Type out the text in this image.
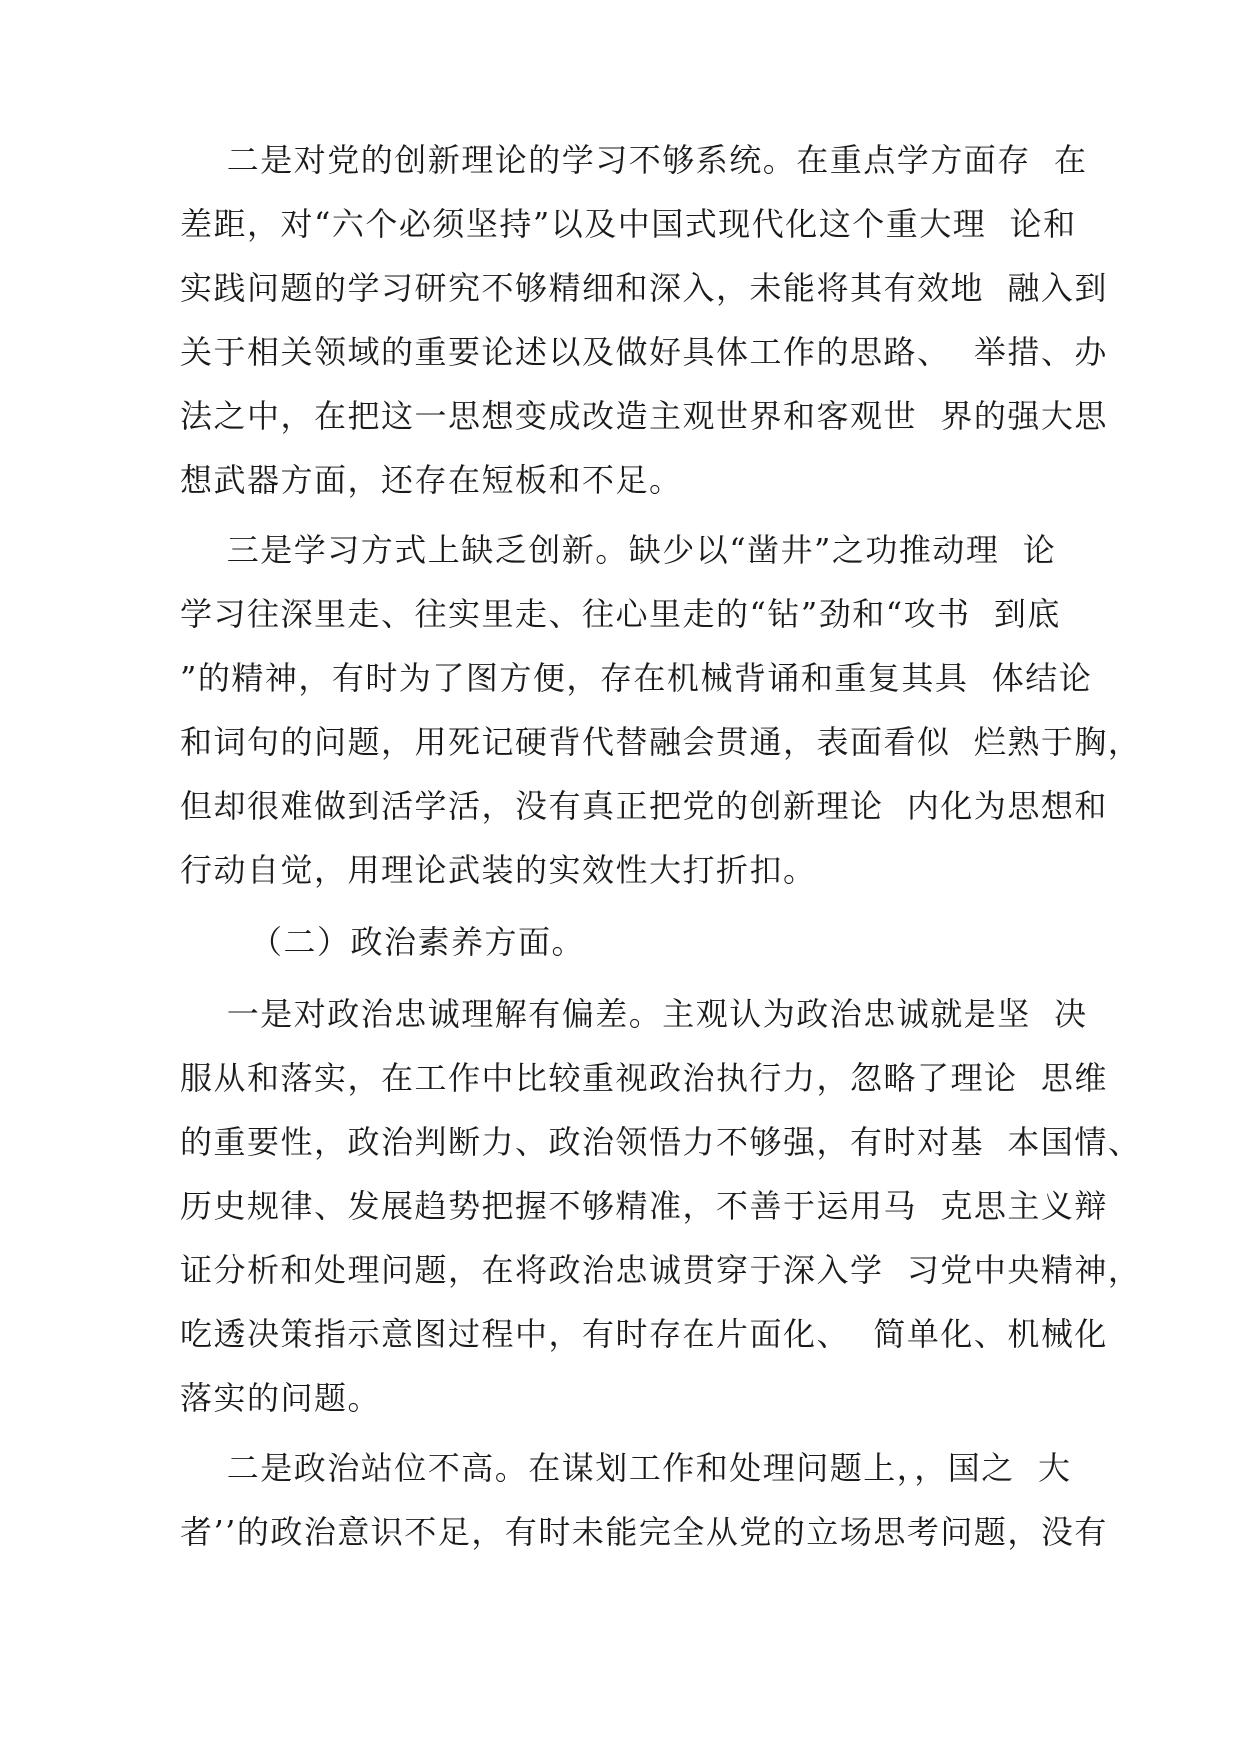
二是对党的创新理论的学习不够系统。在重点学方面存  在
差距，对“六个必须坚持”以及中国式现代化这个重大理  论和
实践问题的学习研究不够精细和深入，未能将其有效地  融入到
关于相关领域的重要论述以及做好具体工作的思路、  举措、办
法之中，在把这一思想变成改造主观世界和客观世  界的强大思
想武器方面，还存在短板和不足。
三是学习方式上缺乏创新。缺少以“凿井”之功推动理  论
学习往深里走、往实里走、往心里走的“钻”劲和“攻书  到底
”的精神，有时为了图方便，存在机械背诵和重复其具  体结论
和词句的问题，用死记硬背代替融会贯通，表面看似  烂熟于胸，
但却很难做到活学活，没有真正把党的创新理论  内化为思想和
行动自觉，用理论武装的实效性大打折扣。
（二）政治素养方面。
一是对政治忠诚理解有偏差。主观认为政治忠诚就是坚  决
服从和落实，在工作中比较重视政治执行力，忽略了理论  思维
的重要性，政治判断力、政治领悟力不够强，有时对基  本国情、
历史规律、发展趋势把握不够精准，不善于运用马  克思主义辩
证分析和处理问题，在将政治忠诚贯穿于深入学  习党中央精神，
吃透决策指示意图过程中，有时存在片面化、  简单化、机械化
落实的问题。
二是政治站位不高。在谋划工作和处理问题上，，国之  大
者’’的政治意识不足，有时未能完全从党的立场思考问题，没有
